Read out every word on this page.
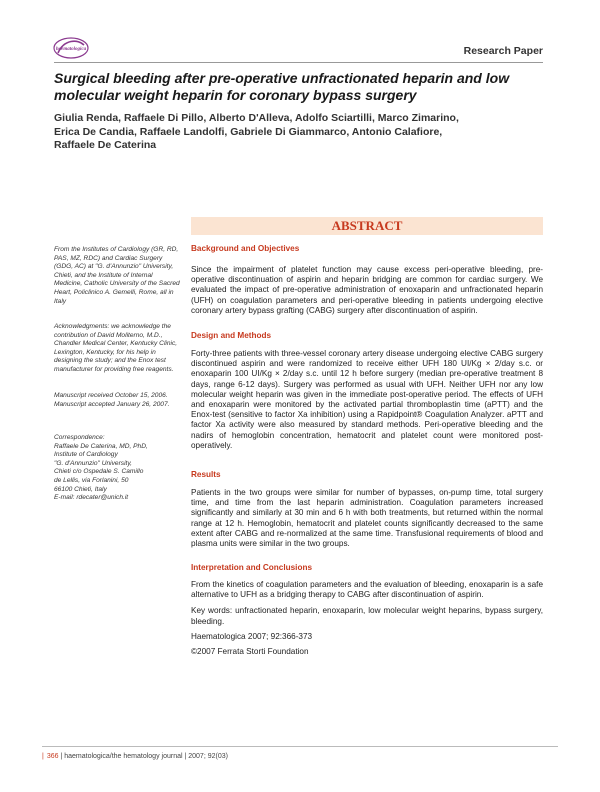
haematologica	Research Paper
Surgical bleeding after pre-operative unfractionated heparin and low molecular weight heparin for coronary bypass surgery
Giulia Renda, Raffaele Di Pillo, Alberto D'Alleva, Adolfo Sciartilli, Marco Zimarino,
Erica De Candia, Raffaele Landolfi, Gabriele Di Giammarco, Antonio Calafiore,
Raffaele De Caterina
ABSTRACT

From the Institutes of Cardiology (GR, RD, PAS, MZ, RDC) and Cardiac Surgery (GDG, AC) at "G. d'Annunzio" University, Chieti, and the Institute of Internal Medicine, Catholic University of the Sacred Heart, Policlinico A. Gemelli, Rome, all in Italy

Acknowledgments: we acknowledge the contribution of David Moliterno, M.D., Chandler Medical Center, Kentucky Clinic, Lexington, Kentucky, for his help in designing the study; and the Enox test manufacturer for providing free reagents.

Manuscript received October 15, 2006. Manuscript accepted January 26, 2007.

Correspondence:

Raffaele De Caterina, MD, PhD,

Institute of Cardiology

"G. d'Annunzio" University,

Chieti c/o Ospedale S. Camillo

de Lellis, via Forlanini, 50

66100 Chieti, Italy

E-mail: rdecater@unich.it

Background and Objectives

Since the impairment of platelet function may cause excess peri-operative bleeding, pre-operative discontinuation of aspirin and heparin bridging are common for cardiac surgery. We evaluated the impact of pre-operative administration of enoxaparin and unfractionated heparin (UFH) on coagulation parameters and peri-operative bleeding in patients undergoing elective coronary artery bypass grafting (CABG) surgery after discontinuation of aspirin.

Design and Methods

Forty-three patients with three-vessel coronary artery disease undergoing elective CABG surgery discontinued aspirin and were randomized to receive either UFH 180 UI/Kg × 2/day s.c. or enoxaparin 100 UI/Kg × 2/day s.c. until 12 h before surgery (median pre-operative treatment 8 days, range 6-12 days). Surgery was performed as usual with UFH. Neither UFH nor any low molecular weight heparin was given in the immediate post-operative period. The effects of UFH and enoxaparin were monitored by the activated partial thromboplastin time (aPTT) and the Enox-test (sensitive to factor Xa inhibition) using a Rapidpoint® Coagulation Analyzer. aPTT and factor Xa activity were also measured by standard methods. Peri-operative bleeding and the nadirs of hemoglobin concentration, hematocrit and platelet count were monitored post-operatively.

Results

Patients in the two groups were similar for number of bypasses, on-pump time, total surgery time, and time from the last heparin administration. Coagulation parameters increased significantly and similarly at 30 min and 6 h with both treatments, but returned within the normal range at 12 h. Hemoglobin, hematocrit and platelet counts significantly decreased to the same extent after CABG and re-normalized at the same time. Transfusional requirements of blood and plasma units were similar in the two groups.

Interpretation and Conclusions

From the kinetics of coagulation parameters and the evaluation of bleeding, enoxaparin is a safe alternative to UFH as a bridging therapy to CABG after discontinuation of aspirin.

Key words: unfractionated heparin, enoxaparin, low molecular weight heparins, bypass surgery, bleeding.

Haematologica 2007; 92:366-373

©2007 Ferrata Storti Foundation

| 366 | haematologica/the hematology journal | 2007; 92(03)
